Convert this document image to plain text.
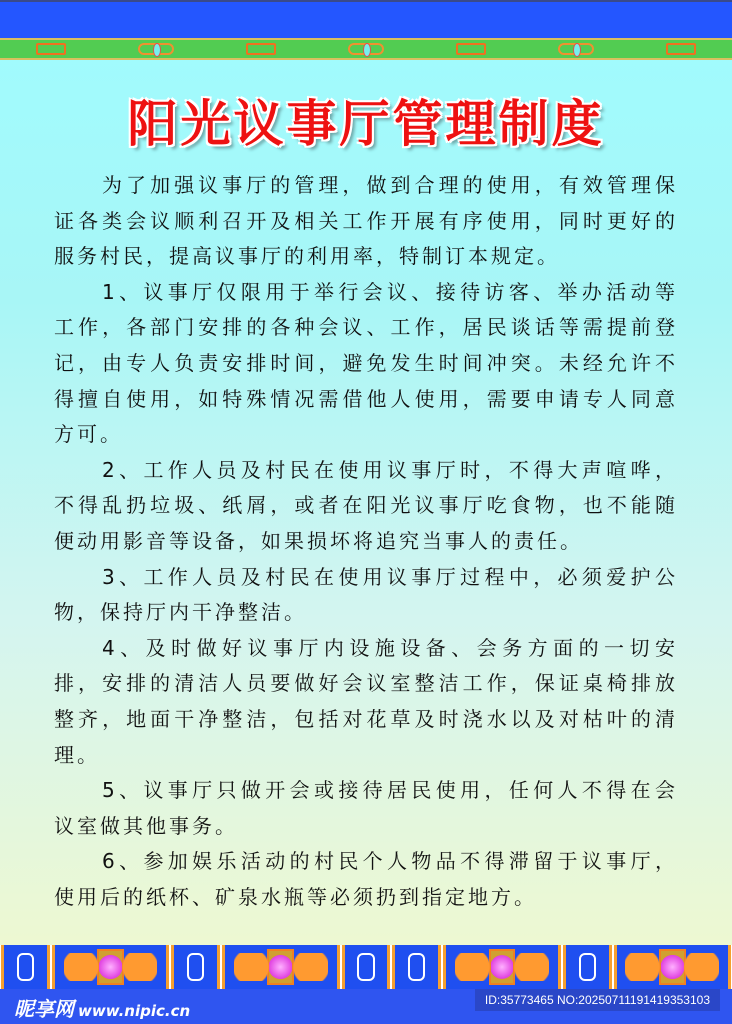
阳光议事厅管理制度
为了加强议事厅的管理，做到合理的使用，有效管理保
证各类会议顺利召开及相关工作开展有序使用，同时更好的
服务村民，提高议事厅的利用率，特制订本规定。
1、议事厅仅限用于举行会议、接待访客、举办活动等
工作，各部门安排的各种会议、工作，居民谈话等需提前登
记，由专人负责安排时间，避免发生时间冲突。未经允许不
得擅自使用，如特殊情况需借他人使用，需要申请专人同意
方可。
2、工作人员及村民在使用议事厅时，不得大声喧哗，
不得乱扔垃圾、纸屑，或者在阳光议事厅吃食物，也不能随
便动用影音等设备，如果损坏将追究当事人的责任。
3、工作人员及村民在使用议事厅过程中，必须爱护公
物，保持厅内干净整洁。
4、及时做好议事厅内设施设备、会务方面的一切安
排，安排的清洁人员要做好会议室整洁工作，保证桌椅排放
整齐，地面干净整洁，包括对花草及时浇水以及对枯叶的清
理。
5、议事厅只做开会或接待居民使用，任何人不得在会
议室做其他事务。
6、参加娱乐活动的村民个人物品不得滞留于议事厅，
使用后的纸杯、矿泉水瓶等必须扔到指定地方。
昵享网 www.nipic.cn
ID:35773465 NO:20250711191419353103
